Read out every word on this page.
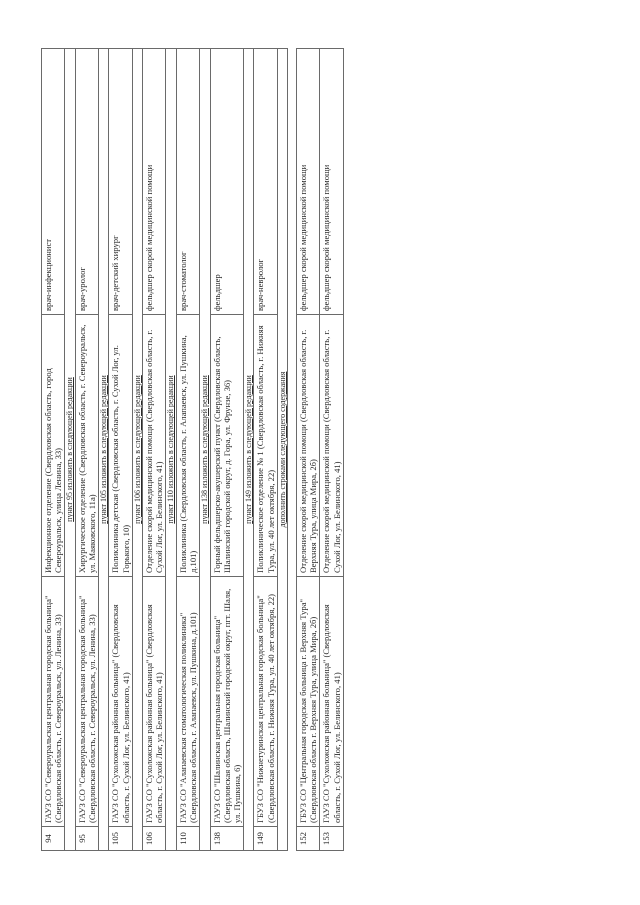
94	ГАУЗ СО "Североуральская центральная городская больница" (Свердловская область, г. Североуральск, ул. Ленина, 33)	Инфекционное отделение (Свердловская область, город Североуральск, улица Ленина, 33)	врач-инфекционист
пункт 95 изложить в следующей редакции			
95	ГАУЗ СО "Североуральская центральная городская больница" (Свердловская область, г. Североуральск, ул. Ленина, 33)	Хирургическое отделение (Свердловская область, г. Североуральск, ул. Маяковского, 11а)	врач-уролог
пункт 105 изложить в следующей редакции			
105	ГАУЗ СО "Сухоложская районная больница" (Свердловская область, г. Сухой Лог, ул. Белинского, 41)	Поликлиника детская (Свердловская область, г. Сухой Лог, ул. Горького, 10)	врач-детский хирург
пункт 106 изложить в следующей редакции			
106	ГАУЗ СО "Сухоложская районная больница" (Свердловская область, г. Сухой Лог, ул. Белинского, 41)	Отделение скорой медицинской помощи (Свердловская область, г. Сухой Лог, ул. Белинского, 41)	фельдшер скорой медицинской помощи
пункт 110 изложить в следующей редакции			
110	ГАУЗ СО "Алапаевская стоматологическая поликлиника" (Свердловская область, г. Алапаевск, ул. Пушкина, д.101)	Поликлиника (Свердловская область, г. Алапаевск, ул. Пушкина, д.101)	врач-стоматолог
пункт 138 изложить в следующей редакции			
138	ГАУЗ СО "Шалинская центральная городская больница" (Свердловская область, Шалинский городской округ, пгт. Шаля, ул. Пушкина, 6)	Горный фельдшерско-акушерский пункт (Свердловская область, Шалинский городской округ, д. Гора, ул. Фрунзе, 36)	фельдшер
пункт 149 изложить в следующей редакции			
149	ГБУЗ СО "Нижнетуринская центральная городская больница" (Свердловская область, г. Нижняя Тура, ул. 40 лет октября, 22)	Поликлиническое отделение № 1 (Свердловская область, г. Нижняя Тура, ул. 40 лет октября, 22)	врач-невролог
дополнить строками следующего содержания			

152	ГБУЗ СО "Центральная городская больница г. Верхняя Тура" (Свердловская область г. Верхняя Тура, улица Мира, 2б)	Отделение скорой медицинской помощи (Свердловская область, г. Верхняя Тура, улица Мира, 2б)	фельдшер скорой медицинской помощи
153	ГАУЗ СО "Сухоложская районная больница" (Свердловская область, г. Сухой Лог, ул. Белинского, 41)	Отделение скорой медицинской помощи (Свердловская область, г. Сухой Лог, ул. Белинского, 41)	фельдшер скорой медицинской помощи
